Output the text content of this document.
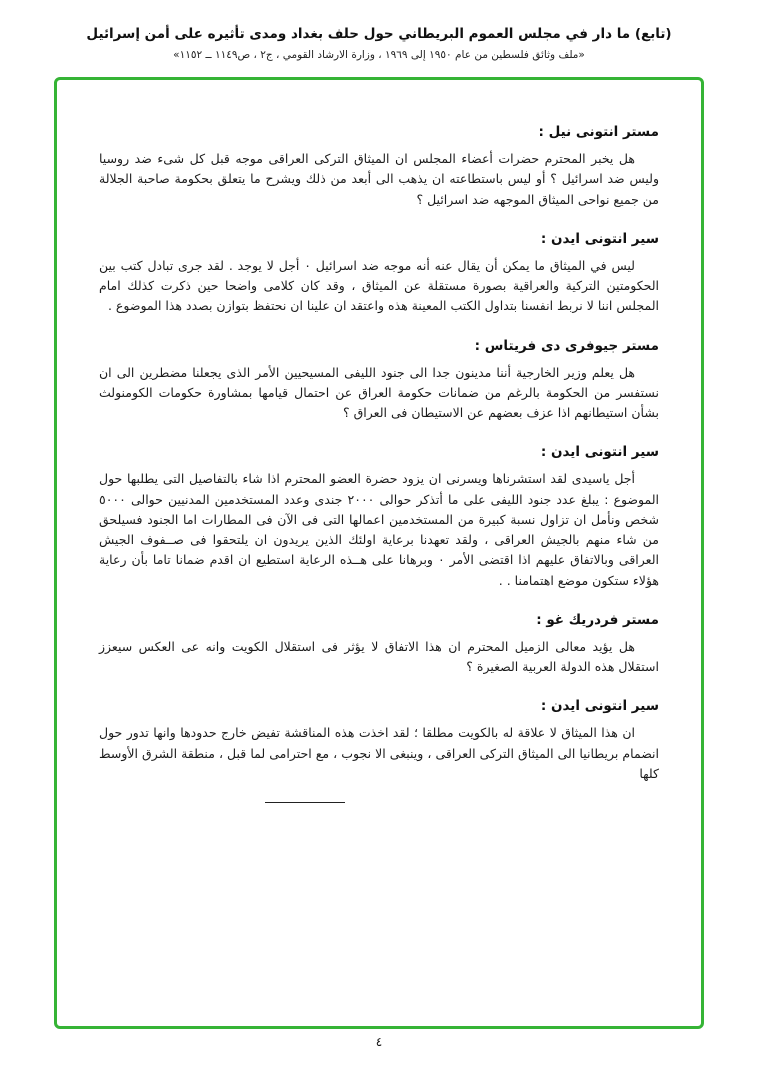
(تابع) ما دار في مجلس العموم البريطاني حول حلف بغداد ومدى تأثيره على أمن إسرائيل
«ملف وثائق فلسطين من عام ١٩٥٠ إلى ١٩٦٩ ، وزارة الارشاد القومي ، ج٢ ، ص١١٤٩ ــ ١١٥٢»
مستر انتونى نيل :

هل يخبر المحترم حضرات أعضاء المجلس ان الميثاق التركى العراقى موجه قبل كل شىء ضد روسيا وليس ضد اسرائيل ؟ أو ليس باستطاعته ان يذهب الى أبعد من ذلك ويشرح ما يتعلق بحكومة صاحبة الجلالة من جميع نواحى الميثاق الموجهه ضد اسرائيل ؟

سير انتونى ايدن :

ليس في الميثاق ما يمكن أن يقال عنه أنه موجه ضد اسرائيل ٠ أجل لا يوجد . لقد جرى تبادل كتب بين الحكومتين التركية والعراقية بصورة مستقلة عن الميثاق ، وقد كان كلامى واضحا حين ذكرت كذلك امام المجلس اننا لا نربط انفسنا بتداول الكتب المعينة هذه واعتقد ان علينا ان نحتفظ بتوازن بصدد هذا الموضوع .

مستر جيوفرى دى فريتاس :

هل يعلم وزير الخارجية أننا مدينون جدا الى جنود الليفى المسيحيين الأمر الذى يجعلنا مضطرين الى ان نستفسر من الحكومة بالرغم من ضمانات حكومة العراق عن احتمال قيامها بمشاورة حكومات الكومنولث بشأن استيطانهم اذا عزف بعضهم عن الاستيطان فى العراق ؟

سير انتونى ايدن :

أجل ياسيدى لقد استشرناها ويسرنى ان يزود حضرة العضو المحترم اذا شاء بالتفاصيل التى يطلبها حول الموضوع : يبلغ عدد جنود الليفى على ما أتذكر حوالى ٢٠٠٠ جندى وعدد المستخدمين المدنيين حوالى ٥٠٠٠ شخص ونأمل ان تزاول نسبة كبيرة من المستخدمين اعمالها التى فى الآن فى المطارات اما الجنود فسيلحق من شاء منهم بالجيش العراقى ، ولقد تعهدنا برعاية اولئك الذين يريدون ان يلتحقوا فى صــفوف الجيش العراقى وبالاتفاق عليهم اذا اقتضى الأمر ٠ وبرهانا على هــذه الرعاية استطيع ان اقدم ضمانا تاما بأن رعاية هؤلاء ستكون موضع اهتمامنا . .

مستر فردريك غو :

هل يؤيد معالى الزميل المحترم ان هذا الاتفاق لا يؤثر فى استقلال الكويت وانه عى العكس سيعزز استقلال هذه الدولة العربية الصغيرة ؟

سير انتونى ايدن :

ان هذا الميثاق لا علاقة له بالكويت مطلقا ؛ لقد اخذت هذه المناقشة تفيض خارج حدودها وانها تدور حول انضمام بريطانيا الى الميثاق التركى العراقى ، وينبغى الا نجوب ، مع احترامى لما قبل ، منطقة الشرق الأوسط كلها

٤
